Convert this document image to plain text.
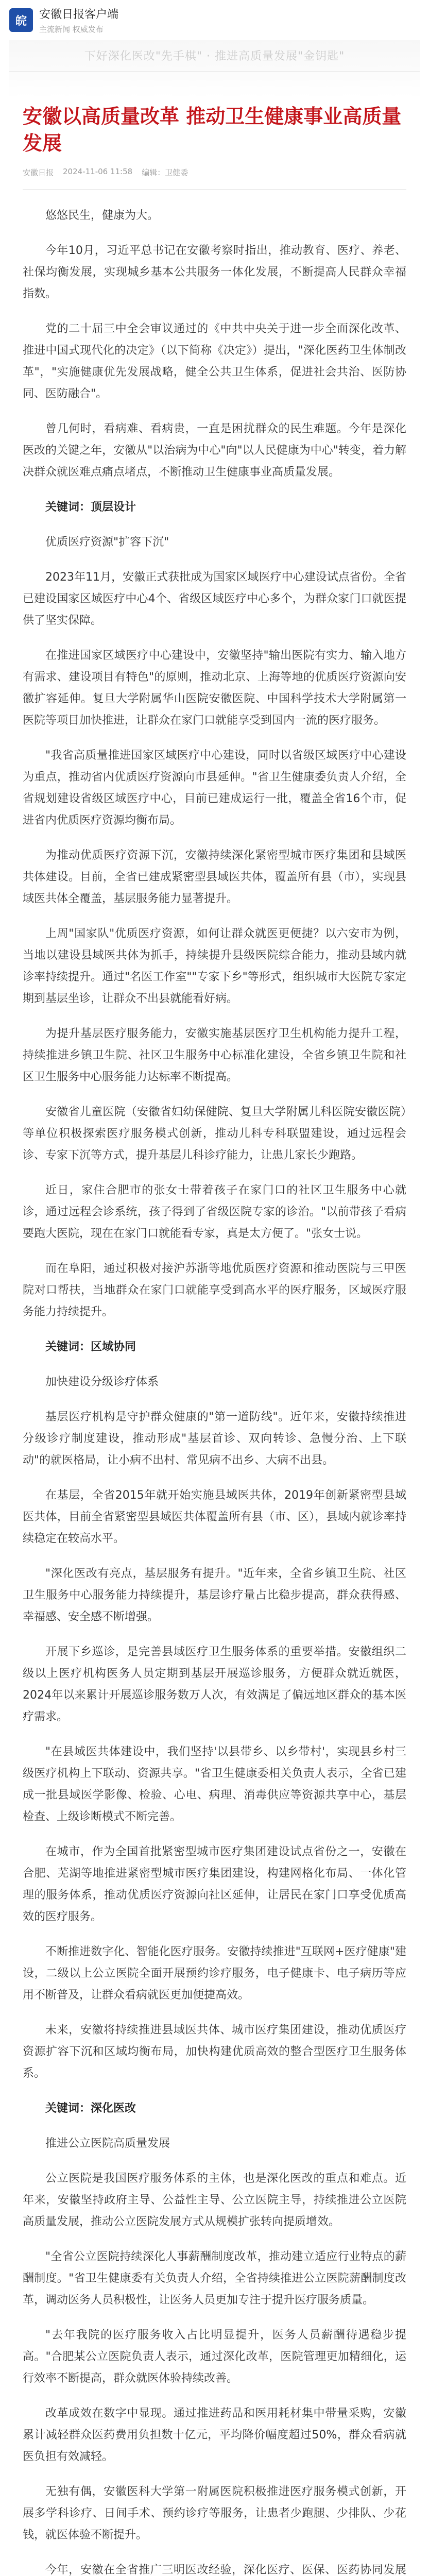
皖	安徽日报客户端
主流新闻 权威发布
下好深化医改"先手棋" · 推进高质量发展"金钥匙"
安徽以高质量改革 推动卫生健康事业高质量发展
安徽日报 2024-11-06 11:58 编辑：卫健委

悠悠民生，健康为大。

今年10月，习近平总书记在安徽考察时指出，推动教育、医疗、养老、社保均衡发展，实现城乡基本公共服务一体化发展，不断提高人民群众幸福指数。

党的二十届三中全会审议通过的《中共中央关于进一步全面深化改革、推进中国式现代化的决定》（以下简称《决定》）提出，"深化医药卫生体制改革"，"实施健康优先发展战略，健全公共卫生体系，促进社会共治、医防协同、医防融合"。

曾几何时，看病难、看病贵，一直是困扰群众的民生难题。今年是深化医改的关键之年，安徽从"以治病为中心"向"以人民健康为中心"转变，着力解决群众就医难点痛点堵点，不断推动卫生健康事业高质量发展。

关键词：顶层设计

优质医疗资源"扩容下沉"

2023年11月，安徽正式获批成为国家区域医疗中心建设试点省份。全省已建设国家区域医疗中心4个、省级区域医疗中心多个，为群众家门口就医提供了坚实保障。

在推进国家区域医疗中心建设中，安徽坚持"输出医院有实力、输入地方有需求、建设项目有特色"的原则，推动北京、上海等地的优质医疗资源向安徽扩容延伸。复旦大学附属华山医院安徽医院、中国科学技术大学附属第一医院等项目加快推进，让群众在家门口就能享受到国内一流的医疗服务。

"我省高质量推进国家区域医疗中心建设，同时以省级区域医疗中心建设为重点，推动省内优质医疗资源向市县延伸。"省卫生健康委负责人介绍，全省规划建设省级区域医疗中心，目前已建成运行一批，覆盖全省16个市，促进省内优质医疗资源均衡布局。

为推动优质医疗资源下沉，安徽持续深化紧密型城市医疗集团和县域医共体建设。目前，全省已建成紧密型县域医共体，覆盖所有县（市），实现县域医共体全覆盖，基层服务能力显著提升。

上周"国家队"优质医疗资源，如何让群众就医更便捷？以六安市为例，当地以建设县域医共体为抓手，持续提升县级医院综合能力，推动县域内就诊率持续提升。通过"名医工作室""专家下乡"等形式，组织城市大医院专家定期到基层坐诊，让群众不出县就能看好病。

为提升基层医疗服务能力，安徽实施基层医疗卫生机构能力提升工程，持续推进乡镇卫生院、社区卫生服务中心标准化建设，全省乡镇卫生院和社区卫生服务中心服务能力达标率不断提高。

安徽省儿童医院（安徽省妇幼保健院、复旦大学附属儿科医院安徽医院）等单位积极探索医疗服务模式创新，推动儿科专科联盟建设，通过远程会诊、专家下沉等方式，提升基层儿科诊疗能力，让患儿家长少跑路。

近日，家住合肥市的张女士带着孩子在家门口的社区卫生服务中心就诊，通过远程会诊系统，孩子得到了省级医院专家的诊治。"以前带孩子看病要跑大医院，现在在家门口就能看专家，真是太方便了。"张女士说。

而在阜阳，通过积极对接沪苏浙等地优质医疗资源和推动医院与三甲医院对口帮扶，当地群众在家门口就能享受到高水平的医疗服务，区域医疗服务能力持续提升。

关键词：区域协同

加快建设分级诊疗体系

基层医疗机构是守护群众健康的"第一道防线"。近年来，安徽持续推进分级诊疗制度建设，推动形成"基层首诊、双向转诊、急慢分治、上下联动"的就医格局，让小病不出村、常见病不出乡、大病不出县。

在基层，全省2015年就开始实施县域医共体，2019年创新紧密型县域医共体，目前全省紧密型县域医共体覆盖所有县（市、区），县域内就诊率持续稳定在较高水平。

"深化医改有亮点，基层服务有提升。"近年来，全省乡镇卫生院、社区卫生服务中心服务能力持续提升，基层诊疗量占比稳步提高，群众获得感、幸福感、安全感不断增强。

开展下乡巡诊，是完善县域医疗卫生服务体系的重要举措。安徽组织二级以上医疗机构医务人员定期到基层开展巡诊服务，方便群众就近就医，2024年以来累计开展巡诊服务数万人次，有效满足了偏远地区群众的基本医疗需求。

"在县域医共体建设中，我们坚持'以县带乡、以乡带村'，实现县乡村三级医疗机构上下联动、资源共享。"省卫生健康委相关负责人表示，全省已建成一批县域医学影像、检验、心电、病理、消毒供应等资源共享中心，基层检查、上级诊断模式不断完善。

在城市，作为全国首批紧密型城市医疗集团建设试点省份之一，安徽在合肥、芜湖等地推进紧密型城市医疗集团建设，构建网格化布局、一体化管理的服务体系，推动优质医疗资源向社区延伸，让居民在家门口享受优质高效的医疗服务。

不断推进数字化、智能化医疗服务。安徽持续推进"互联网+医疗健康"建设，二级以上公立医院全面开展预约诊疗服务，电子健康卡、电子病历等应用不断普及，让群众看病就医更加便捷高效。

未来，安徽将持续推进县域医共体、城市医疗集团建设，推动优质医疗资源扩容下沉和区域均衡布局，加快构建优质高效的整合型医疗卫生服务体系。

关键词：深化医改

推进公立医院高质量发展

公立医院是我国医疗服务体系的主体，也是深化医改的重点和难点。近年来，安徽坚持政府主导、公益性主导、公立医院主导，持续推进公立医院高质量发展，推动公立医院发展方式从规模扩张转向提质增效。

"全省公立医院持续深化人事薪酬制度改革，推动建立适应行业特点的薪酬制度。"省卫生健康委有关负责人介绍，全省持续推进公立医院薪酬制度改革，调动医务人员积极性，让医务人员更加专注于提升医疗服务质量。

"去年我院的医疗服务收入占比明显提升，医务人员薪酬待遇稳步提高。"合肥某公立医院负责人表示，通过深化改革，医院管理更加精细化，运行效率不断提高，群众就医体验持续改善。

改革成效在数字中显现。通过推进药品和医用耗材集中带量采购，安徽累计减轻群众医药费用负担数十亿元，平均降价幅度超过50%，群众看病就医负担有效减轻。

无独有偶，安徽医科大学第一附属医院积极推进医疗服务模式创新，开展多学科诊疗、日间手术、预约诊疗等服务，让患者少跑腿、少排队、少花钱，就医体验不断提升。

今年，安徽在全省推广三明医改经验，深化医疗、医保、医药协同发展
